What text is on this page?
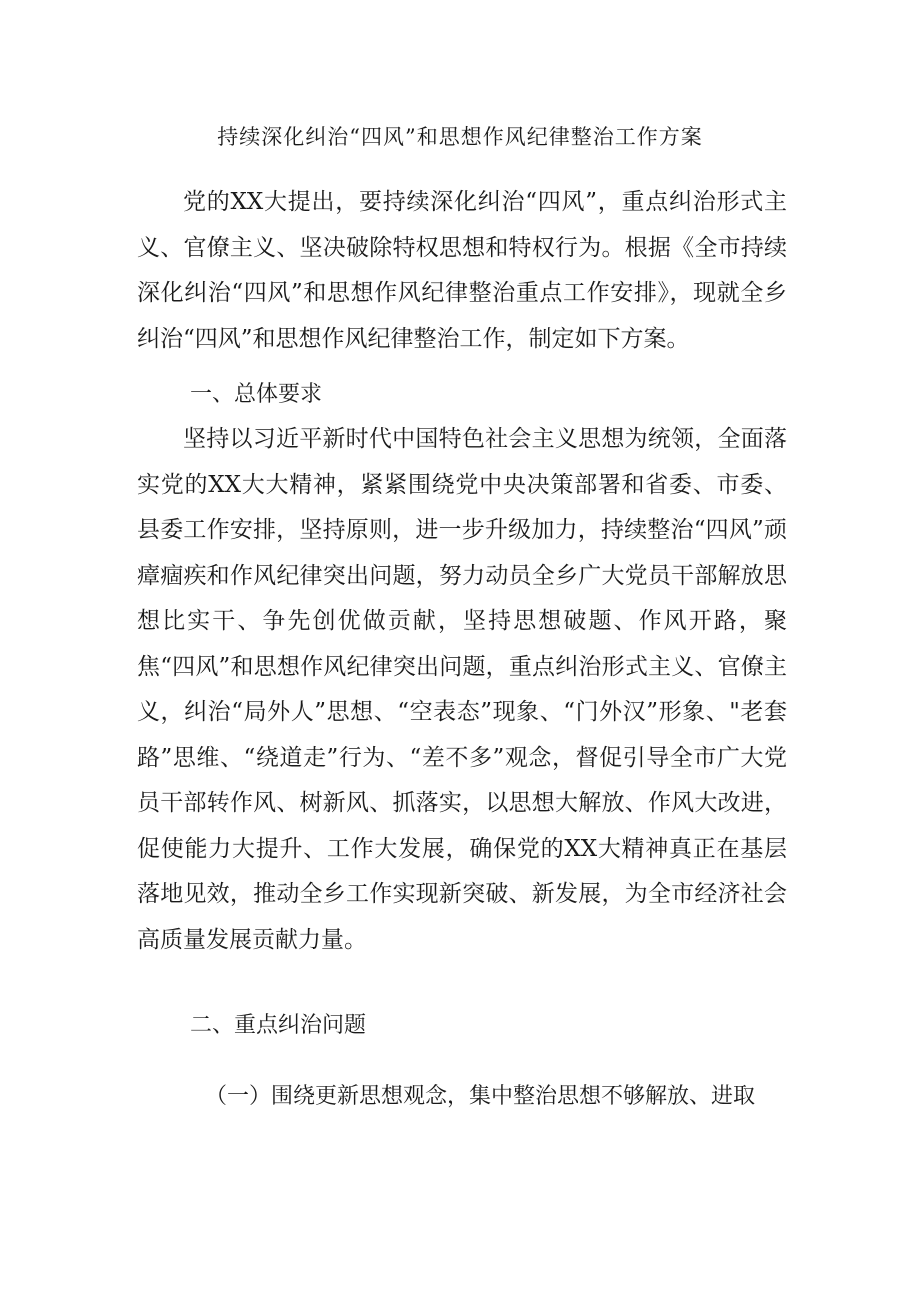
持续深化纠治“四风”和思想作风纪律整治工作方案
党的XX大提出，要持续深化纠治“四风”，重点纠治形式主义、官僚主义、坚决破除特权思想和特权行为。根据《全市持续深化纠治“四风”和思想作风纪律整治重点工作安排》，现就全乡纠治“四风”和思想作风纪律整治工作，制定如下方案。
一、总体要求
坚持以习近平新时代中国特色社会主义思想为统领，全面落实党的XX大大精神，紧紧围绕党中央决策部署和省委、市委、县委工作安排，坚持原则，进一步升级加力，持续整治“四风”顽瘴痼疾和作风纪律突出问题，努力动员全乡广大党员干部解放思想比实干、争先创优做贡献，坚持思想破题、作风开路，聚焦“四风”和思想作风纪律突出问题，重点纠治形式主义、官僚主义，纠治“局外人”思想、“空表态”现象、“门外汉”形象、"老套路”思维、“绕道走”行为、“差不多”观念，督促引导全市广大党员干部转作风、树新风、抓落实，以思想大解放、作风大改进，促使能力大提升、工作大发展，确保党的XX大精神真正在基层落地见效，推动全乡工作实现新突破、新发展，为全市经济社会高质量发展贡献力量。
二、重点纠治问题
（一）围绕更新思想观念，集中整治思想不够解放、进取
